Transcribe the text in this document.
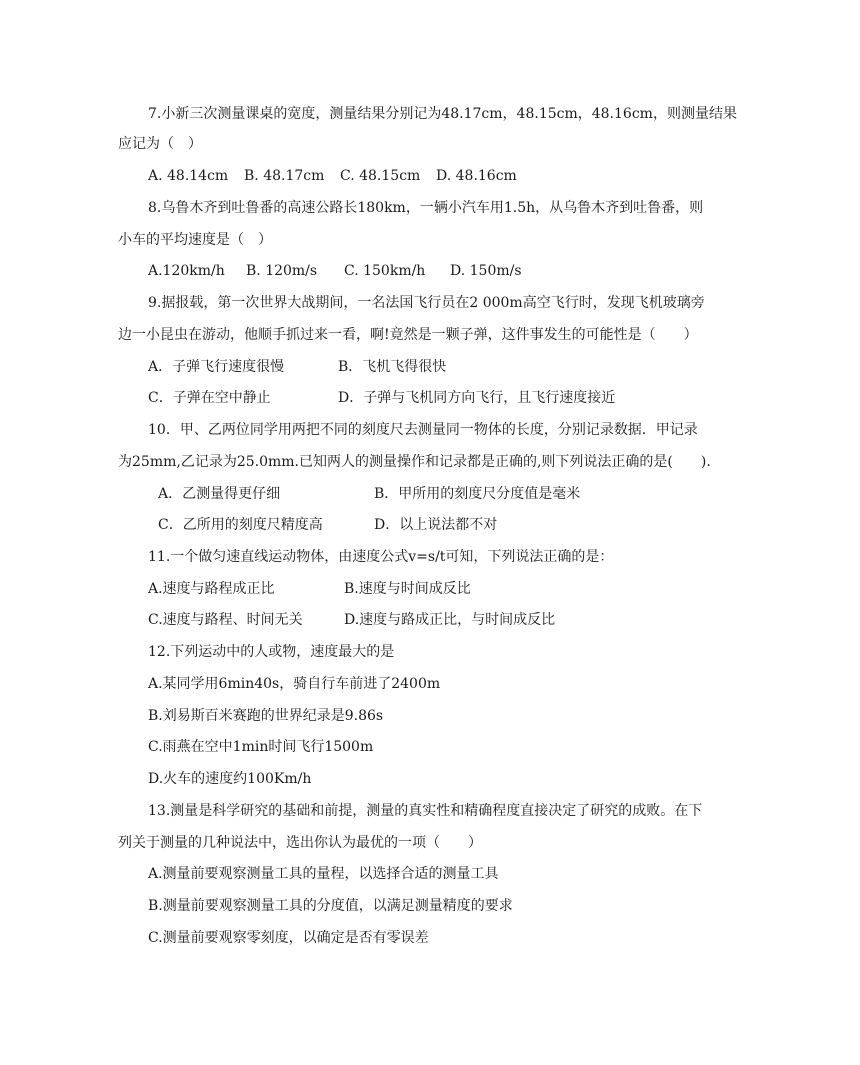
7.小新三次测量课桌的宽度，测量结果分别记为48.17cm，48.15cm，48.16cm，则测量结果
应记为（　）
A. 48.14cm B. 48.17cm C. 48.15cm D. 48.16cm
8.乌鲁木齐到吐鲁番的高速公路长180km，一辆小汽车用1.5h，从乌鲁木齐到吐鲁番，则
小车的平均速度是（　）
A.120km/h B. 120m/s C. 150km/h D. 150m/s
9.据报载，第一次世界大战期间，一名法国飞行员在2 000m高空飞行时，发现飞机玻璃旁
边一小昆虫在游动，他顺手抓过来一看，啊!竟然是一颗子弹，这件事发生的可能性是（　　）
A．子弹飞行速度很慢	B．飞机飞得很快
C．子弹在空中静止	D．子弹与飞机同方向飞行，且飞行速度接近
10．甲、乙两位同学用两把不同的刻度尺去测量同一物体的长度，分别记录数据．甲记录
为25mm,乙记录为25.0mm.已知两人的测量操作和记录都是正确的,则下列说法正确的是(　　).
A．乙测量得更仔细	B．甲所用的刻度尺分度值是毫米
C．乙所用的刻度尺精度高	D．以上说法都不对
11.一个做匀速直线运动物体，由速度公式v=s/t可知，下列说法正确的是：
A.速度与路程成正比	B.速度与时间成反比
C.速度与路程、时间无关	D.速度与路成正比，与时间成反比
12.下列运动中的人或物，速度最大的是
A.某同学用6min40s，骑自行车前进了2400m
B.刘易斯百米赛跑的世界纪录是9.86s
C.雨燕在空中1min时间飞行1500m
D.火车的速度约100Km/h
13.测量是科学研究的基础和前提，测量的真实性和精确程度直接决定了研究的成败。在下
列关于测量的几种说法中，选出你认为最优的一项（　　）
A.测量前要观察测量工具的量程，以选择合适的测量工具
B.测量前要观察测量工具的分度值，以满足测量精度的要求
C.测量前要观察零刻度，以确定是否有零误差
